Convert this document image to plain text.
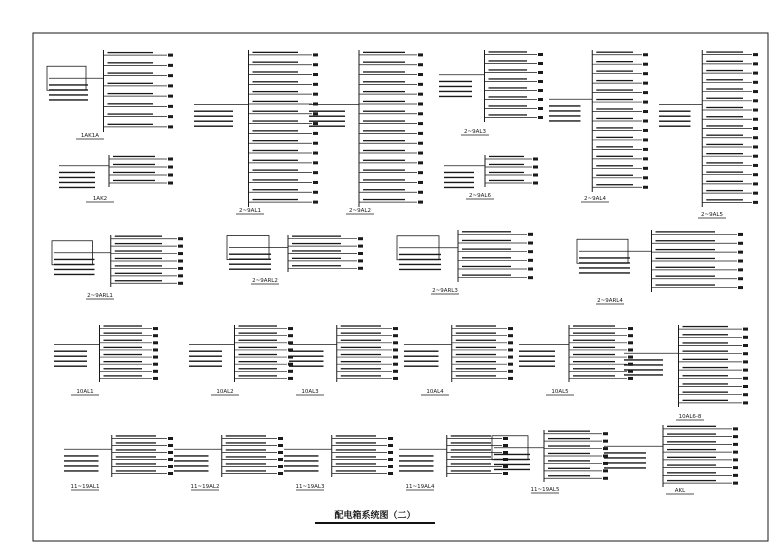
1AK1A
1AK2
2~9AL1	2~9AL2
2~9AL3
2~9AL6	2~9AL4
2~9AL5
2~9ARL1
2~9ARL2
2~9ARL3
2~9ARL4
10AL1	10AL2	10AL3	10AL4	10AL5
10AL6-8
11~19AL1	11~19AL2	11~19AL3	11~19AL4	11~19AL5	AKL
配电箱系统图（二）
